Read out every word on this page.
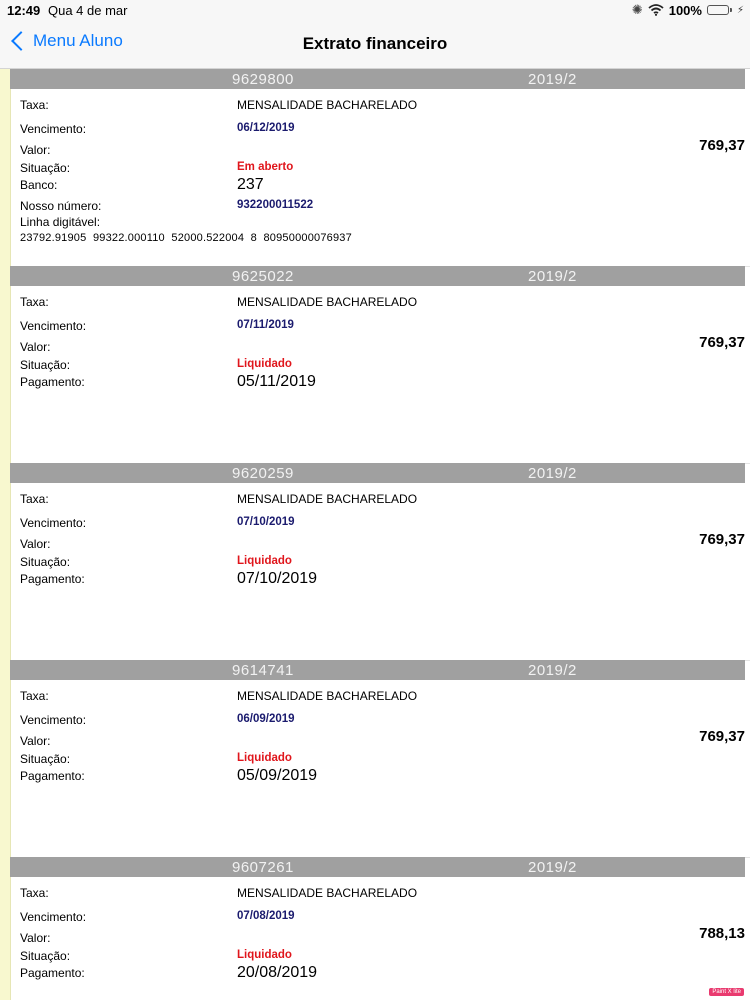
12:49 Qua 4 de mar	✺ 100%	⚡
Menu Aluno	Extrato financeiro
9629800	2019/2
Taxa:	MENSALIDADE BACHARELADO
Vencimento:	06/12/2019
Valor:	769,37
Situação:	Em aberto
Banco:	237
Nosso número:	932200011522
Linha digitável:
23792.91905  99322.000110  52000.522004  8  80950000076937
9625022	2019/2
Taxa:	MENSALIDADE BACHARELADO
Vencimento:	07/11/2019
Valor:	769,37
Situação:	Liquidado
Pagamento:	05/11/2019
9620259	2019/2
Taxa:	MENSALIDADE BACHARELADO
Vencimento:	07/10/2019
Valor:	769,37
Situação:	Liquidado
Pagamento:	07/10/2019
9614741	2019/2
Taxa:	MENSALIDADE BACHARELADO
Vencimento:	06/09/2019
Valor:	769,37
Situação:	Liquidado
Pagamento:	05/09/2019
9607261	2019/2
Taxa:	MENSALIDADE BACHARELADO
Vencimento:	07/08/2019
Valor:	788,13
Situação:	Liquidado
Pagamento:	20/08/2019
Paint X lite
